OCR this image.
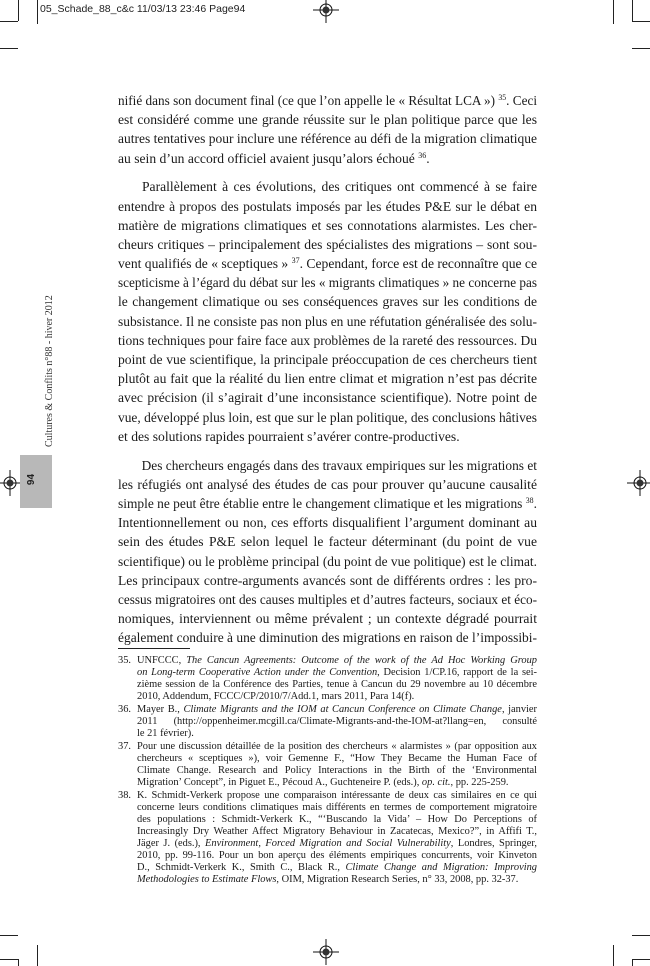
05_Schade_88_c&c 11/03/13 23:46 Page94
94
Cultures & Conflits n°88 - hiver 2012
nifié dans son document final (ce que l’on appelle le « Résultat LCA ») $^{35}$. Ceci
est considéré comme une grande réussite sur le plan politique parce que les
autres tentatives pour inclure une référence au défi de la migration climatique
au sein d’un accord officiel avaient jusqu’alors échoué $^{36}$.
Parallèlement à ces évolutions, des critiques ont commencé à se faire
entendre à propos des postulats imposés par les études P&E sur le débat en
matière de migrations climatiques et ses connotations alarmistes. Les cher-
cheurs critiques – principalement des spécialistes des migrations – sont sou-
vent qualifiés de « sceptiques » $^{37}$. Cependant, force est de reconnaître que ce
scepticisme à l’égard du débat sur les « migrants climatiques » ne concerne pas
le changement climatique ou ses conséquences graves sur les conditions de
subsistance. Il ne consiste pas non plus en une réfutation généralisée des solu-
tions techniques pour faire face aux problèmes de la rareté des ressources. Du
point de vue scientifique, la principale préoccupation de ces chercheurs tient
plutôt au fait que la réalité du lien entre climat et migration n’est pas décrite
avec précision (il s’agirait d’une inconsistance scientifique). Notre point de
vue, développé plus loin, est que sur le plan politique, des conclusions hâtives
et des solutions rapides pourraient s’avérer contre-productives.
Des chercheurs engagés dans des travaux empiriques sur les migrations et
les réfugiés ont analysé des études de cas pour prouver qu’aucune causalité
simple ne peut être établie entre le changement climatique et les migrations $^{38}$.
Intentionnellement ou non, ces efforts disqualifient l’argument dominant au
sein des études P&E selon lequel le facteur déterminant (du point de vue
scientifique) ou le problème principal (du point de vue politique) est le climat.
Les principaux contre-arguments avancés sont de différents ordres : les pro-
cessus migratoires ont des causes multiples et d’autres facteurs, sociaux et éco-
nomiques, interviennent ou même prévalent ; un contexte dégradé pourrait
également conduire à une diminution des migrations en raison de l’impossibi-
35. UNFCCC, The Cancun Agreements: Outcome of the work of the Ad Hoc Working Group
on Long-term Cooperative Action under the Convention, Decision 1/CP.16, rapport de la sei-
zième session de la Conférence des Parties, tenue à Cancun du 29 novembre au 10 décembre
2010, Addendum, FCCC/CP/2010/7/Add.1, mars 2011, Para 14(f).
36. Mayer B., Climate Migrants and the IOM at Cancun Conference on Climate Change, janvier
2011 (http://oppenheimer.mcgill.ca/Climate-Migrants-and-the-IOM-at?llang=en, consulté
le 21 février).
37. Pour une discussion détaillée de la position des chercheurs « alarmistes » (par opposition aux
chercheurs « sceptiques »), voir Gemenne F., “How They Became the Human Face of
Climate Change. Research and Policy Interactions in the Birth of the ‘Environmental
Migration’ Concept”, in Piguet E., Pécoud A., Guchteneire P. (eds.), op. cit., pp. 225-259.
38. K. Schmidt-Verkerk propose une comparaison intéressante de deux cas similaires en ce qui
concerne leurs conditions climatiques mais différents en termes de comportement migratoire
des populations : Schmidt-Verkerk K., “‘Buscando la Vida’ – How Do Perceptions of
Increasingly Dry Weather Affect Migratory Behaviour in Zacatecas, Mexico?”, in Affifi T.,
Jäger J. (eds.), Environment, Forced Migration and Social Vulnerability, Londres, Springer,
2010, pp. 99-116. Pour un bon aperçu des éléments empiriques concurrents, voir Kinveton
D., Schmidt-Verkerk K., Smith C., Black R., Climate Change and Migration: Improving
Methodologies to Estimate Flows, OIM, Migration Research Series, n° 33, 2008, pp. 32-37.
